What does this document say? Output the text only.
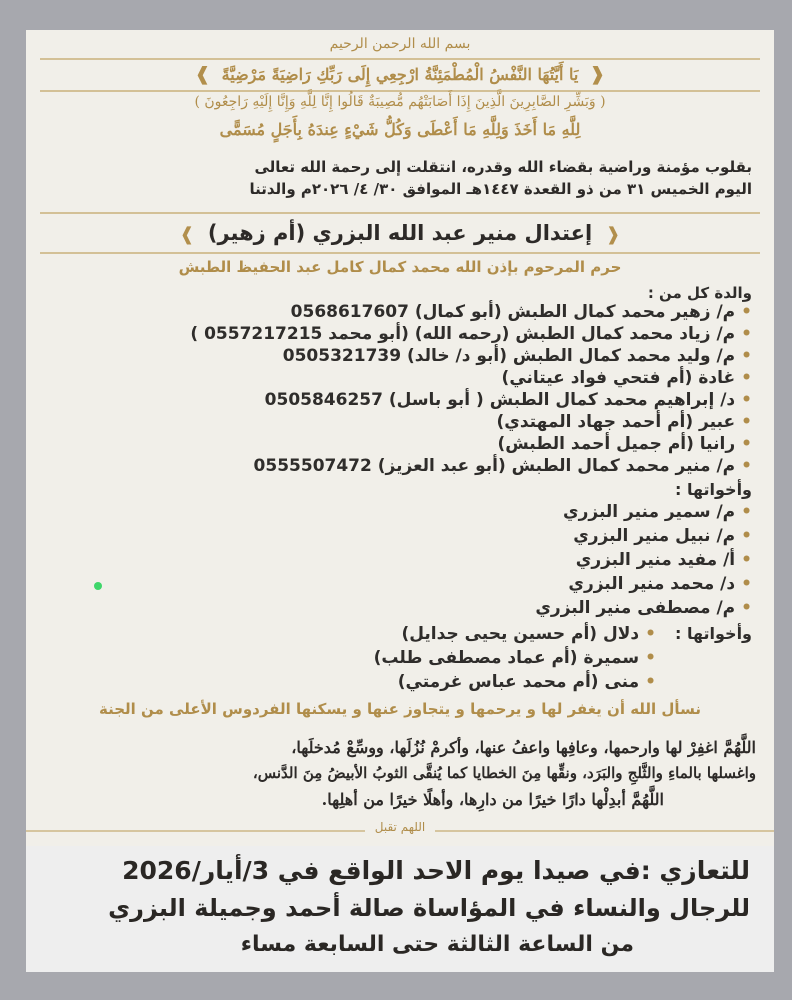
بسم الله الرحمن الرحيم
❰ يَا أَيَّتُهَا النَّفْسُ الْمُطْمَئِنَّةُ ارْجِعِي إِلَى رَبِّكِ رَاضِيَةً مَرْضِيَّةً ❱
( وَبَشِّرِ الصَّابِرِينَ الَّذِينَ إِذَا أَصَابَتْهُم مُّصِيبَةٌ قَالُوا إِنَّا لِلَّهِ وَإِنَّا إِلَيْهِ رَاجِعُونَ )
لِلَّهِ مَا أَخَذَ وَلِلَّهِ مَا أَعْطَى وَكُلُّ شَيْءٍ عِندَهُ بِأَجَلٍ مُسَمًّى
بقلوب مؤمنة وراضية بقضاء الله وقدره، انتقلت إلى رحمة الله تعالى
اليوم الخميس ٣١ من ذو القعدة ١٤٤٧هـ الموافق ٣٠/ ٤/ ٢٠٢٦م والدتنا
❰ إعتدال منير عبد الله البزري (أم زهير) ❱
حرم المرحوم بإذن الله محمد كمال كامل عبد الحفيظ الطبش
والدة كل من :
•م/ زهير محمد كمال الطبش (أبو كمال) 0568617607
•م/ زياد محمد كمال الطبش (رحمه الله) (أبو محمد 0557217215 )
•م/ وليد محمد كمال الطبش (أبو د/ خالد) 0505321739
•غادة (أم فتحي فواد عيتاني)
•د/ إبراهيم محمد كمال الطبش ( أبو باسل) 0505846257
•عبير (أم أحمد جهاد المهتدي)
•رانيا (أم جميل أحمد الطبش)
•م/ منير محمد كمال الطبش (أبو عبد العزيز) 0555507472
وأخواتها :
•م/ سمير منير البزري
•م/ نبيل منير البزري
•أ/ مفيد منير البزري
•د/ محمد منير البزري
•م/ مصطفى منير البزري
وأخواتها :
•دلال (أم حسين يحيى جدايل)
•سميرة (أم عماد مصطفى طلب)
•منى (أم محمد عباس غرمتي)
نسأل الله أن يغفر لها و يرحمها و يتجاوز عنها و يسكنها الفردوس الأعلى من الجنة
اللَّهُمَّ اغفِرْ لها وارحمها، وعافِها واعفُ عنها، وأكرمْ نُزُلَها، ووسِّعْ مُدخلَها،
واغسلها بالماءِ والثَّلجِ والبَرَد، ونقِّها مِنَ الخطايا كما يُنقَّى الثوبُ الأبيضُ مِنَ الدَّنس،
اللَّهُمَّ أبدِلْها دارًا خيرًا من دارِها، وأهلًا خيرًا من أهلِها.
اللهم تقبل
للتعازي :في صيدا يوم الاحد الواقع في 3/أيار/2026
للرجال والنساء في المؤاساة صالة أحمد وجميلة البزري
من الساعة الثالثة حتى السابعة مساء
